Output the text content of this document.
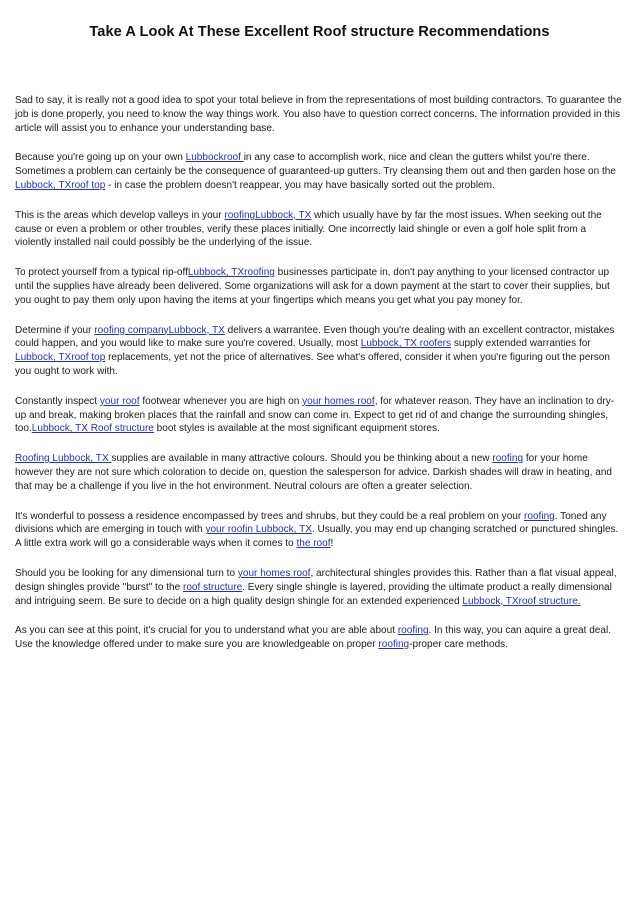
Take A Look At These Excellent Roof structure Recommendations

Sad to say, it is really not a good idea to spot your total believe in from the representations of most building contractors. To guarantee the job is done properly, you need to know the way things work. You also have to question correct concerns. The information provided in this article will assist you to enhance your understanding base.

Because you're going up on your own Lubbockroof in any case to accomplish work, nice and clean the gutters whilst you're there. Sometimes a problem can certainly be the consequence of guaranteed-up gutters. Try cleansing them out and then garden hose on the Lubbock, TXroof top - in case the problem doesn't reappear, you may have basically sorted out the problem.

This is the areas which develop valleys in your roofingLubbock, TX which usually have by far the most issues. When seeking out the cause or even a problem or other troubles, verify these places initially. One incorrectly laid shingle or even a golf hole split from a violently installed nail could possibly be the underlying of the issue.

To protect yourself from a typical rip-offLubbock, TXroofing businesses participate in, don't pay anything to your licensed contractor up until the supplies have already been delivered. Some organizations will ask for a down payment at the start to cover their supplies, but you ought to pay them only upon having the items at your fingertips which means you get what you pay money for.

Determine if your roofing companyLubbock, TX delivers a warrantee. Even though you're dealing with an excellent contractor, mistakes could happen, and you would like to make sure you're covered. Usually, most Lubbock, TX roofers supply extended warranties for Lubbock, TXroof top replacements, yet not the price of alternatives. See what's offered, consider it when you're figuring out the person you ought to work with.

Constantly inspect your roof footwear whenever you are high on your homes roof, for whatever reason. They have an inclination to dry-up and break, making broken places that the rainfall and snow can come in. Expect to get rid of and change the surrounding shingles, too.Lubbock, TX Roof structure boot styles is available at the most significant equipment stores.

Roofing Lubbock, TX supplies are available in many attractive colours. Should you be thinking about a new roofing for your home however they are not sure which coloration to decide on, question the salesperson for advice. Darkish shades will draw in heating, and that may be a challenge if you live in the hot environment. Neutral colours are often a greater selection.

It's wonderful to possess a residence encompassed by trees and shrubs, but they could be a real problem on your roofing. Toned any divisions which are emerging in touch with your roofin Lubbock, TX. Usually, you may end up changing scratched or punctured shingles. A little extra work will go a considerable ways when it comes to the roof!

Should you be looking for any dimensional turn to your homes roof, architectural shingles provides this. Rather than a flat visual appeal, design shingles provide "burst" to the roof structure. Every single shingle is layered, providing the ultimate product a really dimensional and intriguing seem. Be sure to decide on a high quality design shingle for an extended experienced Lubbock, TXroof structure.

As you can see at this point, it's crucial for you to understand what you are able about roofing. In this way, you can aquire a great deal. Use the knowledge offered under to make sure you are knowledgeable on proper roofing-proper care methods.
